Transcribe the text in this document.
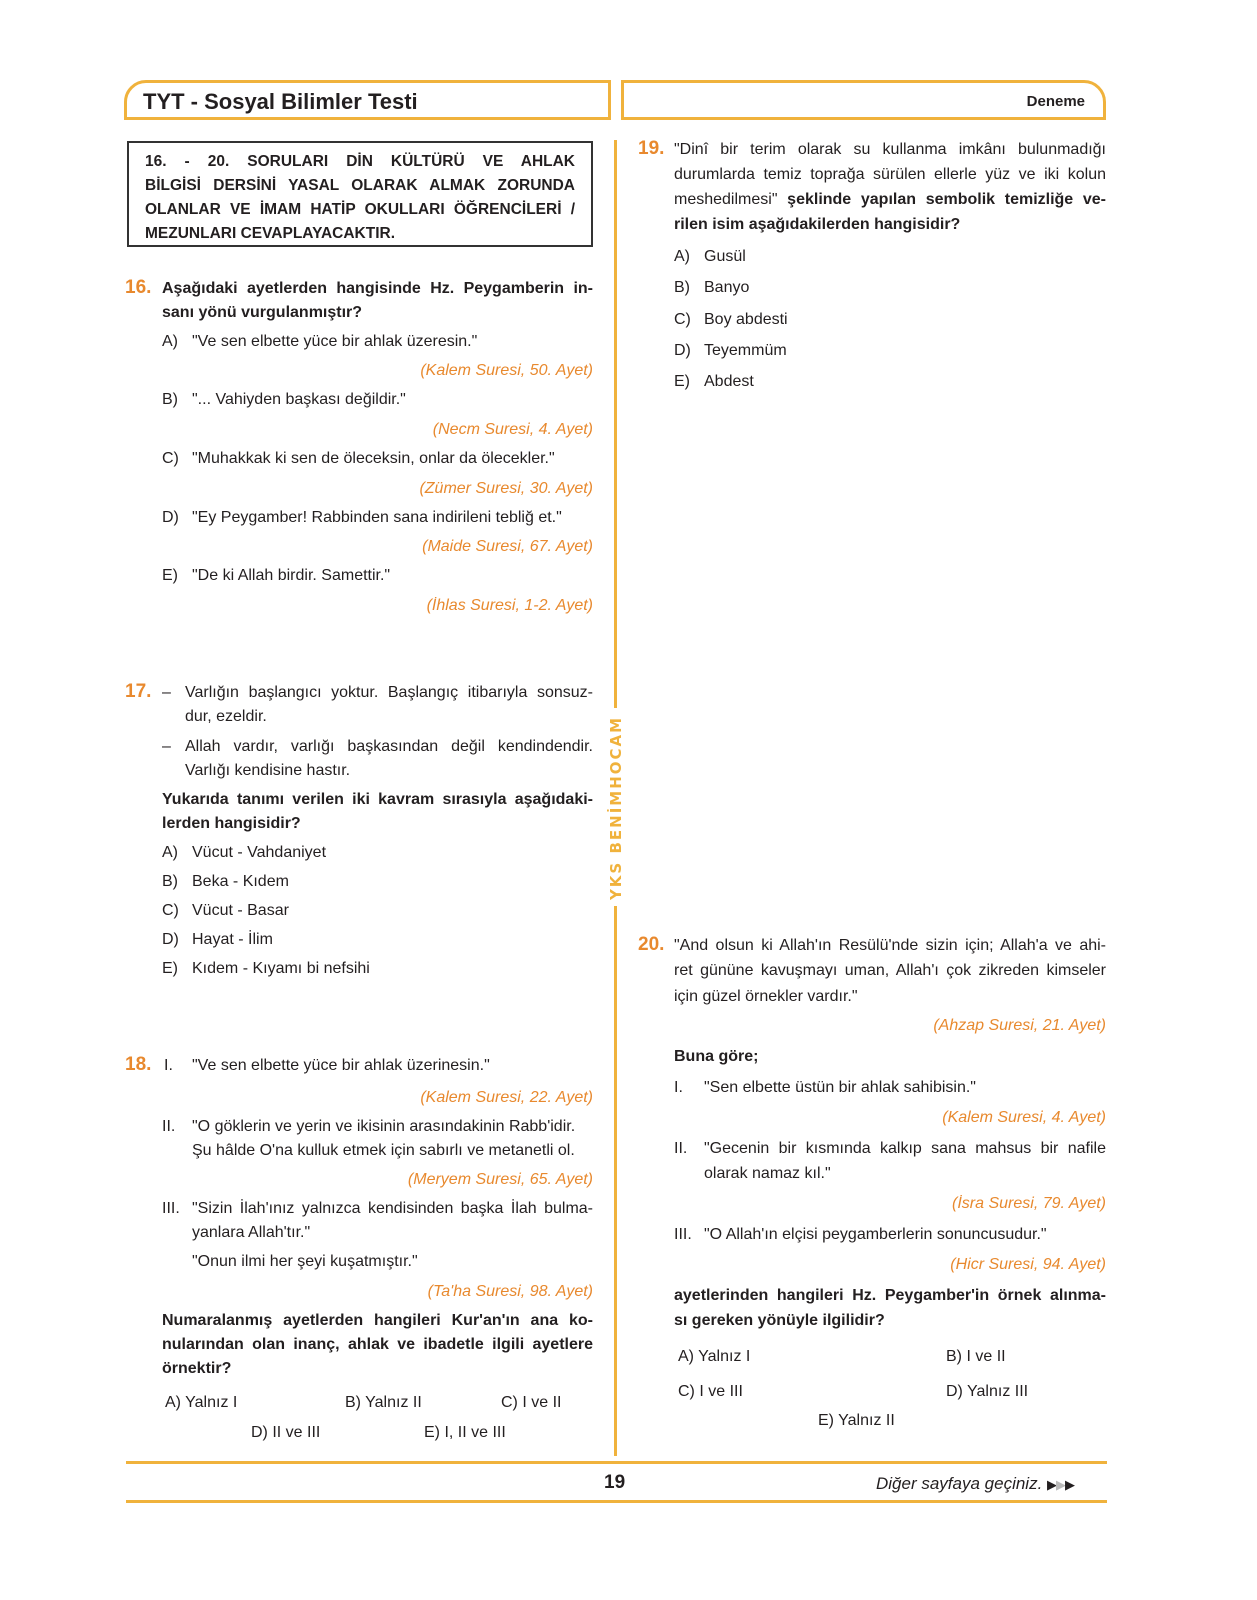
TYT - Sosyal Bilimler Testi	Deneme
16. - 20. SORULARI DİN KÜLTÜRÜ VE AHLAK
BİLGİSİ DERSİNİ YASAL OLARAK ALMAK ZORUNDA
OLANLAR VE İMAM HATİP OKULLARI ÖĞRENCİLERİ /
MEZUNLARI CEVAPLAYACAKTIR.
YKS BENİMHOCAM
16. Aşağıdaki ayetlerden hangisinde Hz. Peygamberin in-
sanı yönü vurgulanmıştır?
A) "Ve sen elbette yüce bir ahlak üzeresin."
(Kalem Suresi, 50. Ayet)
B) "... Vahiyden başkası değildir."
(Necm Suresi, 4. Ayet)
C) "Muhakkak ki sen de öleceksin, onlar da ölecekler."
(Zümer Suresi, 30. Ayet)
D) "Ey Peygamber! Rabbinden sana indirileni tebliğ et."
(Maide Suresi, 67. Ayet)
E) "De ki Allah birdir. Samettir."
(İhlas Suresi, 1-2. Ayet)
17. – Varlığın başlangıcı yoktur. Başlangıç itibarıyla sonsuz-
dur, ezeldir.
– Allah vardır, varlığı başkasından değil kendindendir.
Varlığı kendisine hastır.
Yukarıda tanımı verilen iki kavram sırasıyla aşağıdaki-
lerden hangisidir?
A) Vücut - Vahdaniyet
B) Beka - Kıdem
C) Vücut - Basar
D) Hayat - İlim
E) Kıdem - Kıyamı bi nefsihi
18. I. "Ve sen elbette yüce bir ahlak üzerinesin."
(Kalem Suresi, 22. Ayet)
II. "O göklerin ve yerin ve ikisinin arasındakinin Rabb'idir.
Şu hâlde O'na kulluk etmek için sabırlı ve metanetli ol.
(Meryem Suresi, 65. Ayet)
III. "Sizin İlah'ınız yalnızca kendisinden başka İlah bulma-
yanlara Allah'tır."
"Onun ilmi her şeyi kuşatmıştır."
(Ta'ha Suresi, 98. Ayet)
Numaralanmış ayetlerden hangileri Kur'an'ın ana ko-
nularından olan inanç, ahlak ve ibadetle ilgili ayetlere
örnektir?
A) Yalnız I	B) Yalnız II	C) I ve II
D) II ve III	E) I, II ve III
19. "Dinî bir terim olarak su kullanma imkânı bulunmadığı
durumlarda temiz toprağa sürülen ellerle yüz ve iki kolun
meshedilmesi" şeklinde yapılan sembolik temizliğe ve-
rilen isim aşağıdakilerden hangisidir?
A) Gusül
B) Banyo
C) Boy abdesti
D) Teyemmüm
E) Abdest
20. "And olsun ki Allah'ın Resülü'nde sizin için; Allah'a ve ahi-
ret gününe kavuşmayı uman, Allah'ı çok zikreden kimseler
için güzel örnekler vardır."
(Ahzap Suresi, 21. Ayet)
Buna göre;
I. "Sen elbette üstün bir ahlak sahibisin."
(Kalem Suresi, 4. Ayet)
II. "Gecenin bir kısmında kalkıp sana mahsus bir nafile
olarak namaz kıl."
(İsra Suresi, 79. Ayet)
III. "O Allah'ın elçisi peygamberlerin sonuncusudur."
(Hicr Suresi, 94. Ayet)
ayetlerinden hangileri Hz. Peygamber'in örnek alınma-
sı gereken yönüyle ilgilidir?
A) Yalnız I	B) I ve II
C) I ve III	D) Yalnız III
E) Yalnız II
19	Diğer sayfaya geçiniz. ▶▶▶
